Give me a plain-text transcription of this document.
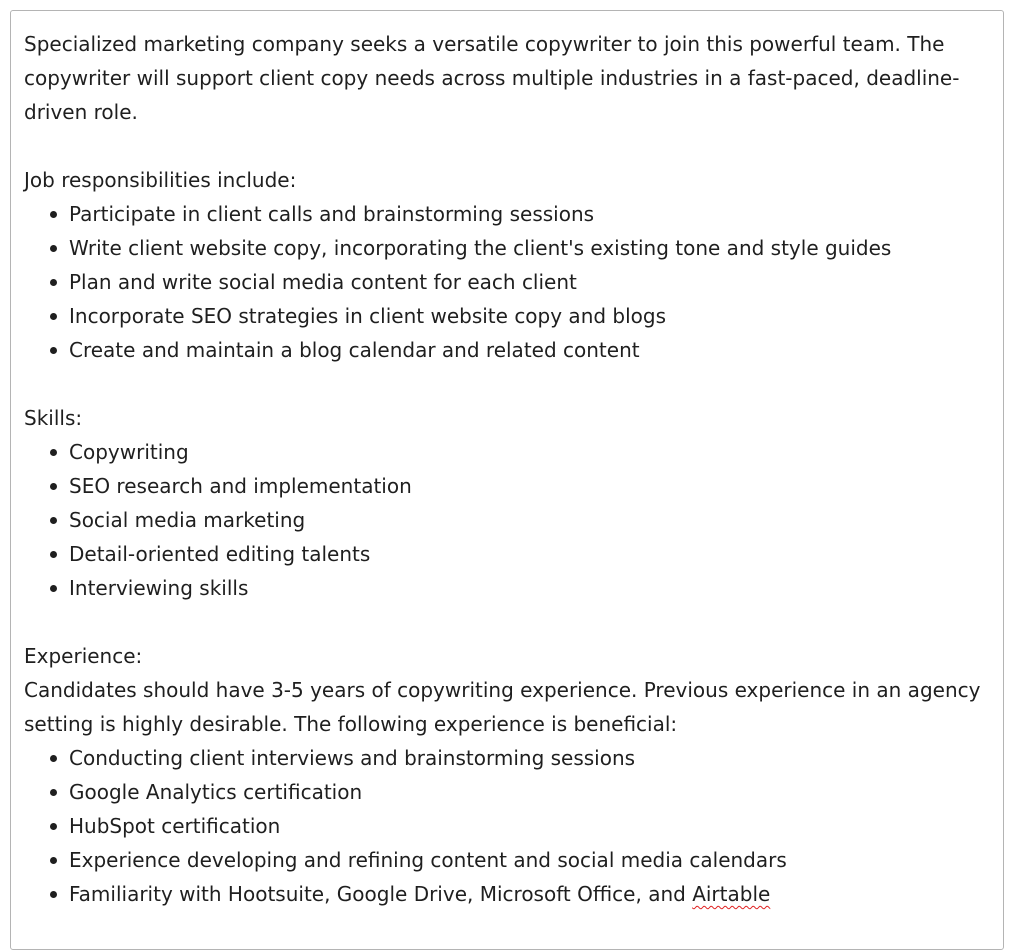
Specialized marketing company seeks a versatile copywriter to join this powerful team. The copywriter will support client copy needs across multiple industries in a fast-paced, deadline-driven role.

Job responsibilities include:

Participate in client calls and brainstorming sessions
Write client website copy, incorporating the client's existing tone and style guides
Plan and write social media content for each client
Incorporate SEO strategies in client website copy and blogs
Create and maintain a blog calendar and related content

Skills:

Copywriting
SEO research and implementation
Social media marketing
Detail-oriented editing talents
Interviewing skills

Experience:

Candidates should have 3-5 years of copywriting experience. Previous experience in an agency setting is highly desirable. The following experience is beneficial:

Conducting client interviews and brainstorming sessions
Google Analytics certification
HubSpot certification
Experience developing and refining content and social media calendars
Familiarity with Hootsuite, Google Drive, Microsoft Office, and Airtable
